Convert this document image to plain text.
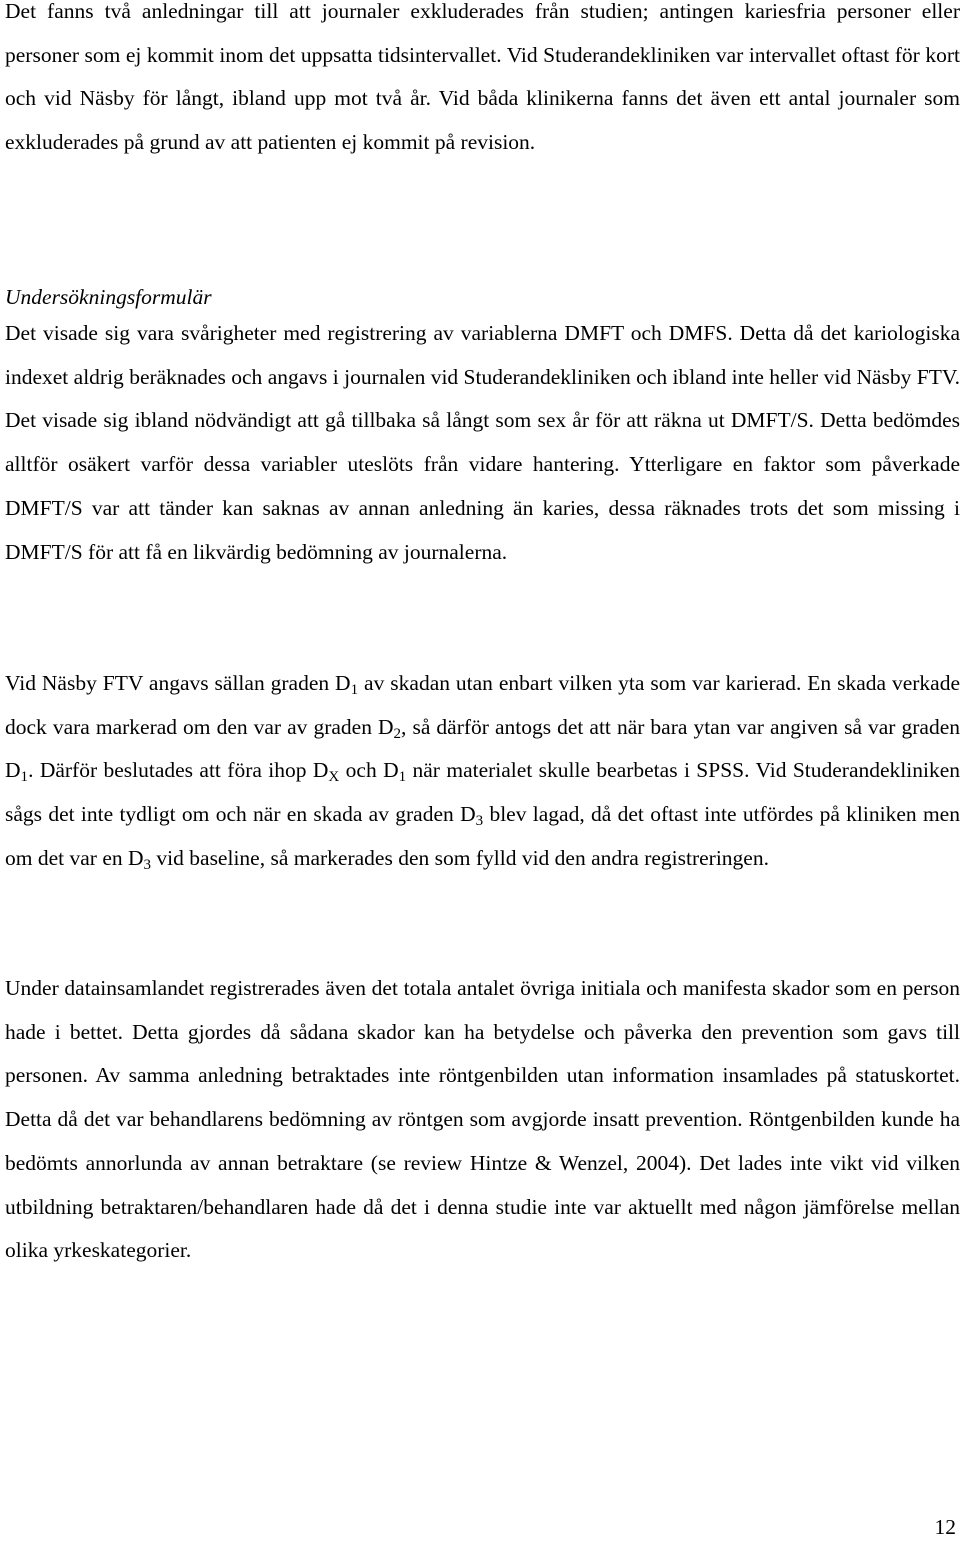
Det fanns två anledningar till att journaler exkluderades från studien; antingen kariesfria personer eller personer som ej kommit inom det uppsatta tidsintervallet. Vid Studerandekliniken var intervallet oftast för kort och vid Näsby för långt, ibland upp mot två år. Vid båda klinikerna fanns det även ett antal journaler som exkluderades på grund av att patienten ej kommit på revision.

Undersökningsformulär

Det visade sig vara svårigheter med registrering av variablerna DMFT och DMFS. Detta då det kariologiska indexet aldrig beräknades och angavs i journalen vid Studerandekliniken och ibland inte heller vid Näsby FTV. Det visade sig ibland nödvändigt att gå tillbaka så långt som sex år för att räkna ut DMFT/S. Detta bedömdes alltför osäkert varför dessa variabler uteslöts från vidare hantering. Ytterligare en faktor som påverkade DMFT/S var att tänder kan saknas av annan anledning än karies, dessa räknades trots det som missing i DMFT/S för att få en likvärdig bedömning av journalerna.

Vid Näsby FTV angavs sällan graden $D_1$ av skadan utan enbart vilken yta som var karierad. En skada verkade dock vara markerad om den var av graden $D_2$, så därför antogs det att när bara ytan var angiven så var graden $D_1$. Därför beslutades att föra ihop $D_X$ och $D_1$ när materialet skulle bearbetas i SPSS. Vid Studerandekliniken sågs det inte tydligt om och när en skada av graden $D_3$ blev lagad, då det oftast inte utfördes på kliniken men om det var en $D_3$ vid baseline, så markerades den som fylld vid den andra registreringen.

Under datainsamlandet registrerades även det totala antalet övriga initiala och manifesta skador som en person hade i bettet. Detta gjordes då sådana skador kan ha betydelse och påverka den prevention som gavs till personen. Av samma anledning betraktades inte röntgenbilden utan information insamlades på statuskortet. Detta då det var behandlarens bedömning av röntgen som avgjorde insatt prevention. Röntgenbilden kunde ha bedömts annorlunda av annan betraktare (se review Hintze & Wenzel, 2004). Det lades inte vikt vid vilken utbildning betraktaren/behandlaren hade då det i denna studie inte var aktuellt med någon jämförelse mellan olika yrkeskategorier.

12
